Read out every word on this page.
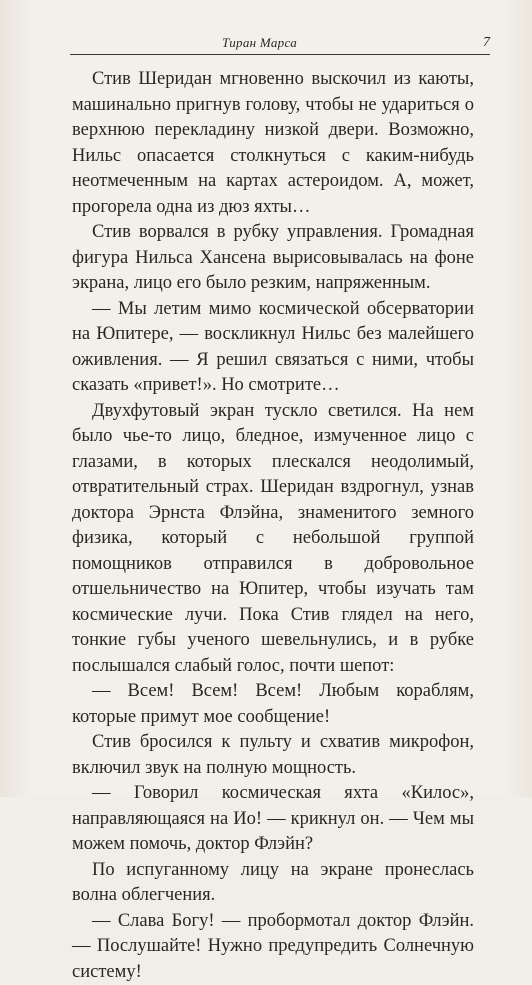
Тиран Марса	7

Стив Шеридан мгновенно выскочил из каюты, машинально пригнув голову, чтобы не удариться о верхнюю перекладину низкой двери. Возможно, Нильс опасается столкнуться с каким-нибудь неотмеченным на картах астероидом. А, может, прогорела одна из дюз яхты…

Стив ворвался в рубку управления. Громадная фигура Нильса Хансена вырисовывалась на фоне экрана, лицо его было резким, напряженным.

— Мы летим мимо космической обсерватории на Юпитере, — воскликнул Нильс без малейшего оживления. — Я решил связаться с ними, чтобы сказать «привет!». Но смотрите…

Двухфутовый экран тускло светился. На нем было чье-то лицо, бледное, измученное лицо с глазами, в которых плескался неодолимый, отвратительный страх. Шеридан вздрогнул, узнав доктора Эрнста Флэйна, знаменитого земного физика, который с небольшой группой помощников отправился в добровольное отшельничество на Юпитер, чтобы изучать там космические лучи. Пока Стив глядел на него, тонкие губы ученого шевельнулись, и в рубке послышался слабый голос, почти шепот:

— Всем! Всем! Всем! Любым кораблям, которые примут мое сообщение!

Стив бросился к пульту и схватив микрофон, включил звук на полную мощность.

— Говорил космическая яхта «Килос», направляющаяся на Ио! — крикнул он. — Чем мы можем помочь, доктор Флэйн?

По испуганному лицу на экране пронеслась волна облегчения.

— Слава Богу! — пробормотал доктор Флэйн. — Послушайте! Нужно предупредить Солнечную систему!
